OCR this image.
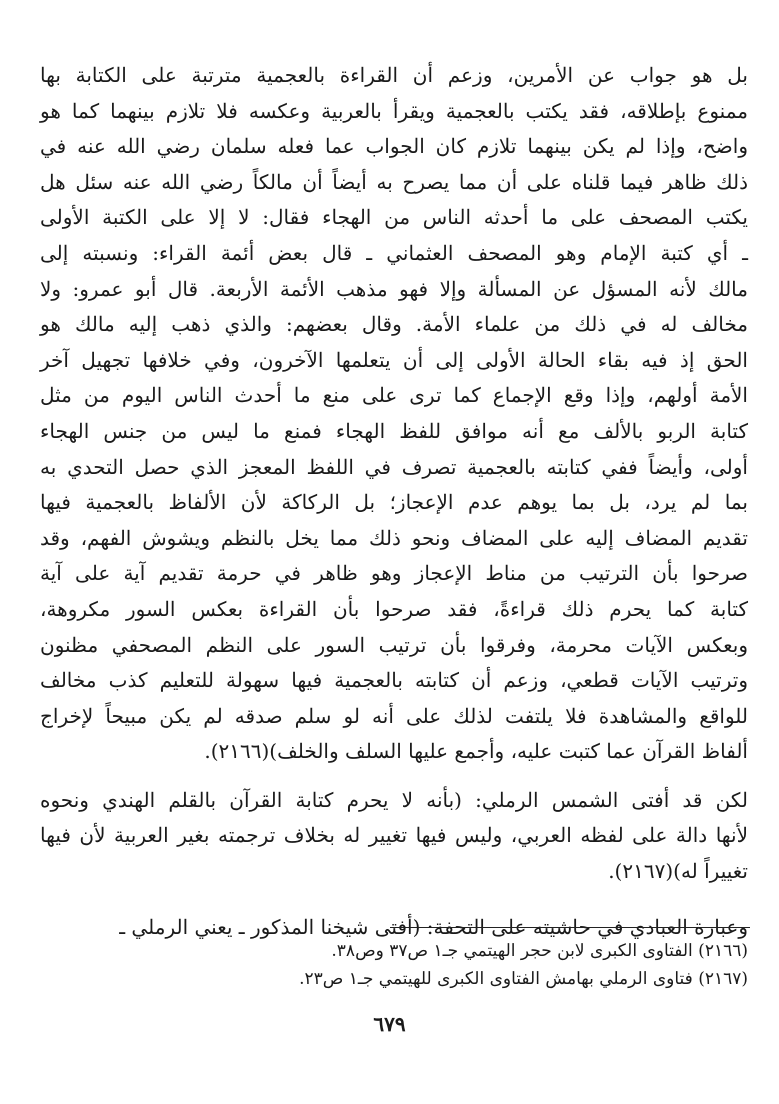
بل هو جواب عن الأمرين، وزعم أن القراءة بالعجمية مترتبة على الكتابة بها
ممنوع بإطلاقه، فقد يكتب بالعجمية ويقرأ بالعربية وعكسه فلا تلازم بينهما كما هو
واضح، وإذا لم يكن بينهما تلازم كان الجواب عما فعله سلمان رضي الله عنه في
ذلك ظاهر فيما قلناه على أن مما يصرح به أيضاً أن مالكاً رضي الله عنه سئل هل
يكتب المصحف على ما أحدثه الناس من الهجاء فقال: لا إلا على الكتبة الأولى
ـ أي كتبة الإمام وهو المصحف العثماني ـ قال بعض أئمة القراء: ونسبته إلى
مالك لأنه المسؤل عن المسألة وإلا فهو مذهب الأئمة الأربعة. قال أبو عمرو: ولا
مخالف له في ذلك من علماء الأمة. وقال بعضهم: والذي ذهب إليه مالك هو
الحق إذ فيه بقاء الحالة الأولى إلى أن يتعلمها الآخرون، وفي خلافها تجهيل آخر
الأمة أولهم، وإذا وقع الإجماع كما ترى على منع ما أحدث الناس اليوم من مثل
كتابة الربو بالألف مع أنه موافق للفظ الهجاء فمنع ما ليس من جنس الهجاء
أولى، وأيضاً ففي كتابته بالعجمية تصرف في اللفظ المعجز الذي حصل التحدي به
بما لم يرد، بل بما يوهم عدم الإعجاز؛ بل الركاكة لأن الألفاظ بالعجمية فيها
تقديم المضاف إليه على المضاف ونحو ذلك مما يخل بالنظم ويشوش الفهم، وقد
صرحوا بأن الترتيب من مناط الإعجاز وهو ظاهر في حرمة تقديم آية على آية
كتابة كما يحرم ذلك قراءةً، فقد صرحوا بأن القراءة بعكس السور مكروهة،
وبعكس الآيات محرمة، وفرقوا بأن ترتيب السور على النظم المصحفي مظنون
وترتيب الآيات قطعي، وزعم أن كتابته بالعجمية فيها سهولة للتعليم كذب مخالف
للواقع والمشاهدة فلا يلتفت لذلك على أنه لو سلم صدقه لم يكن مبيحاً لإخراج
ألفاظ القرآن عما كتبت عليه، وأجمع عليها السلف والخلف)(٢١٦٦).

لكن قد أفتى الشمس الرملي: (بأنه لا يحرم كتابة القرآن بالقلم الهندي ونحوه
لأنها دالة على لفظه العربي، وليس فيها تغيير له بخلاف ترجمته بغير العربية لأن فيها
تغييراً له)(٢١٦٧).

وعبارة العبادي في حاشيته على التحفة: (أفتى شيخنا المذكور ـ يعني الرملي ـ

(٢١٦٦) الفتاوى الكبرى لابن حجر الهيتمي جـ١ ص٣٧ وص٣٨.
(٢١٦٧) فتاوى الرملي بهامش الفتاوى الكبرى للهيتمي جـ١ ص٢٣.
٦٧٩
